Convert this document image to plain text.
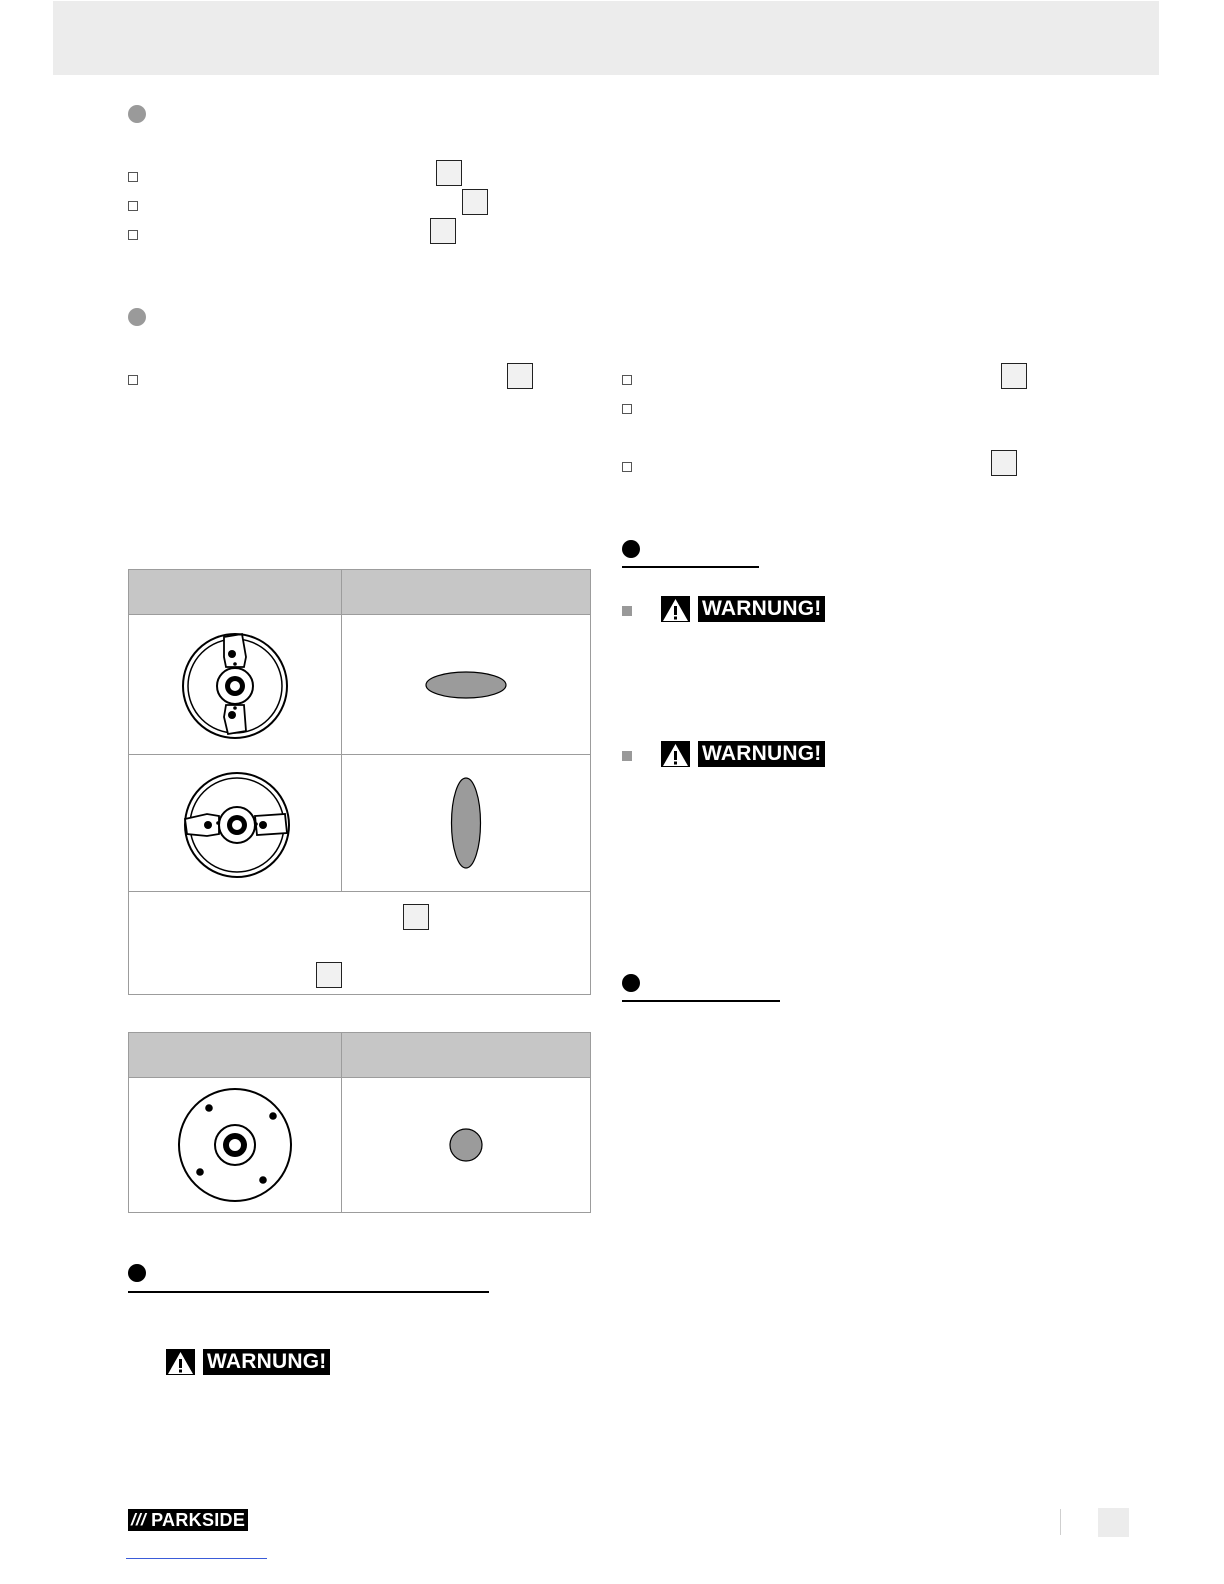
WARNUNG!
WARNUNG!
WARNUNG!
/// PARKSIDE
